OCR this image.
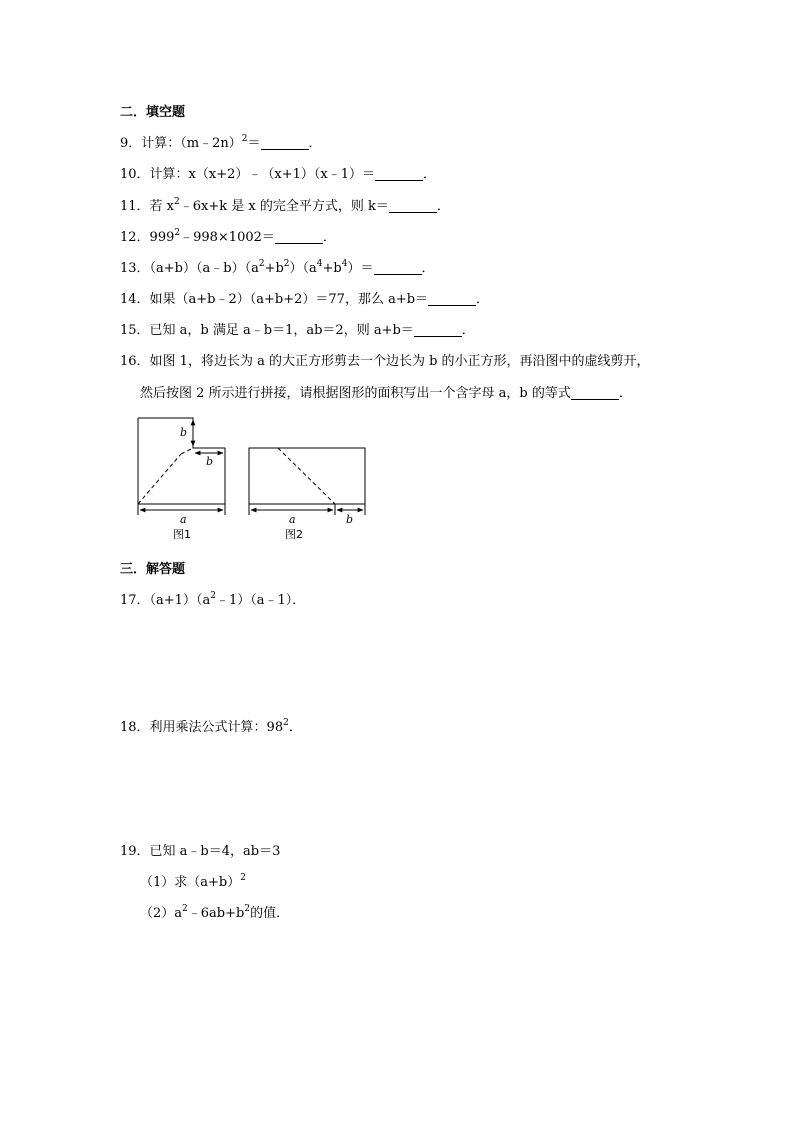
二．填空题
9．计算：（m﹣2n）$^2$＝	．
10．计算：x（x+2）﹣（x+1）（x﹣1）＝	．
11．若 $x^2﹣6x+k$ 是 x 的完全平方式，则 k＝	．
12．$999^2﹣998\times 1002=$	．
13．$(a+b)(a﹣b)(a^2+b^2)(a^4+b^4)=$	．
14．如果（a+b﹣2）（a+b+2）＝77，那么 a+b＝	．
15．已知 a，b 满足 a﹣b＝1，ab＝2，则 a+b＝	．
16．如图 1，将边长为 a 的大正方形剪去一个边长为 b 的小正方形，再沿图中的虚线剪开，
然后按图 2 所示进行拼接，请根据图形的面积写出一个含字母 a，b 的等式	．
b
b
a
图1
a	b
图2
三．解答题
17．$(a+1)(a^2﹣1)(a﹣1)$．
18．利用乘法公式计算：$98^2$．
19．已知 a﹣b＝4，ab＝3
（1）求$(a+b)^2$
$(2)a^2﹣6ab+b^2$的值．
